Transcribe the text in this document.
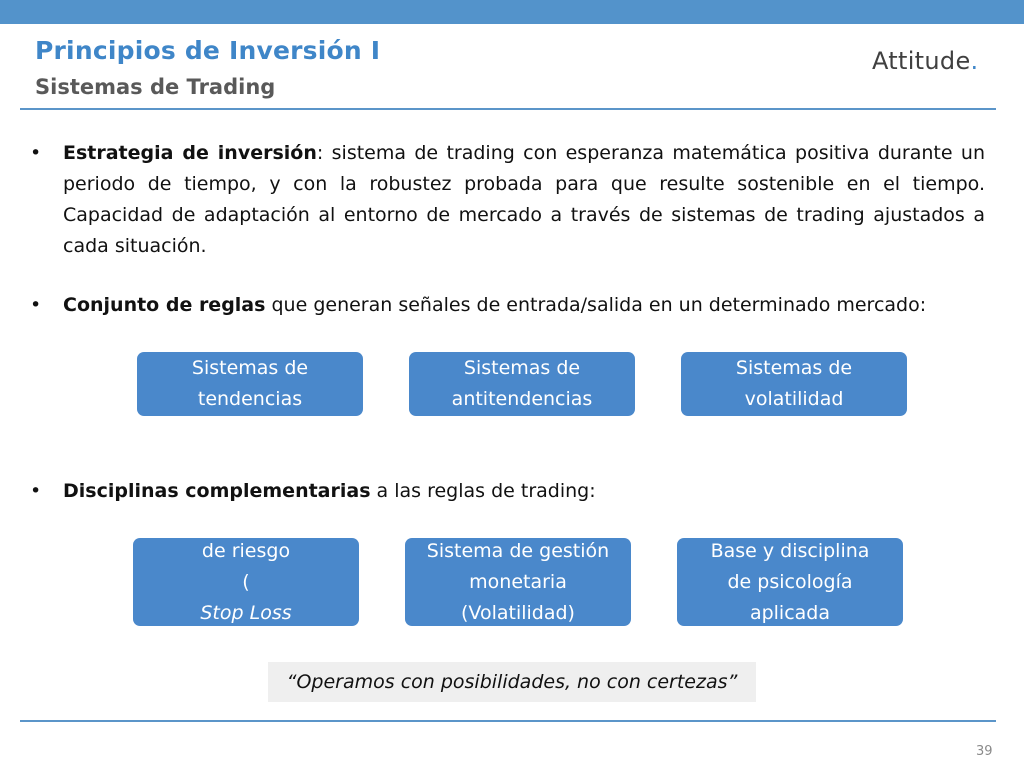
Principios de Inversión I
Sistemas de Trading
Attitude.
• Estrategia de inversión: sistema de trading con esperanza matemática positiva durante un periodo de tiempo, y con la robustez probada para que resulte sostenible en el tiempo. Capacidad de adaptación al entorno de mercado a través de sistemas de trading ajustados a cada situación.
• Conjunto de reglas que generan señales de entrada/salida en un determinado mercado:
Sistemas de
tendencias
Sistemas de
antitendencias
Sistemas de
volatilidad
• Disciplinas complementarias a las reglas de trading:
Modelo de control
de riesgo
(
Stop Loss
)
Sistema de gestión
monetaria
(Volatilidad)
Base y disciplina
de psicología
aplicada
“Operamos con posibilidades, no con certezas”
39
